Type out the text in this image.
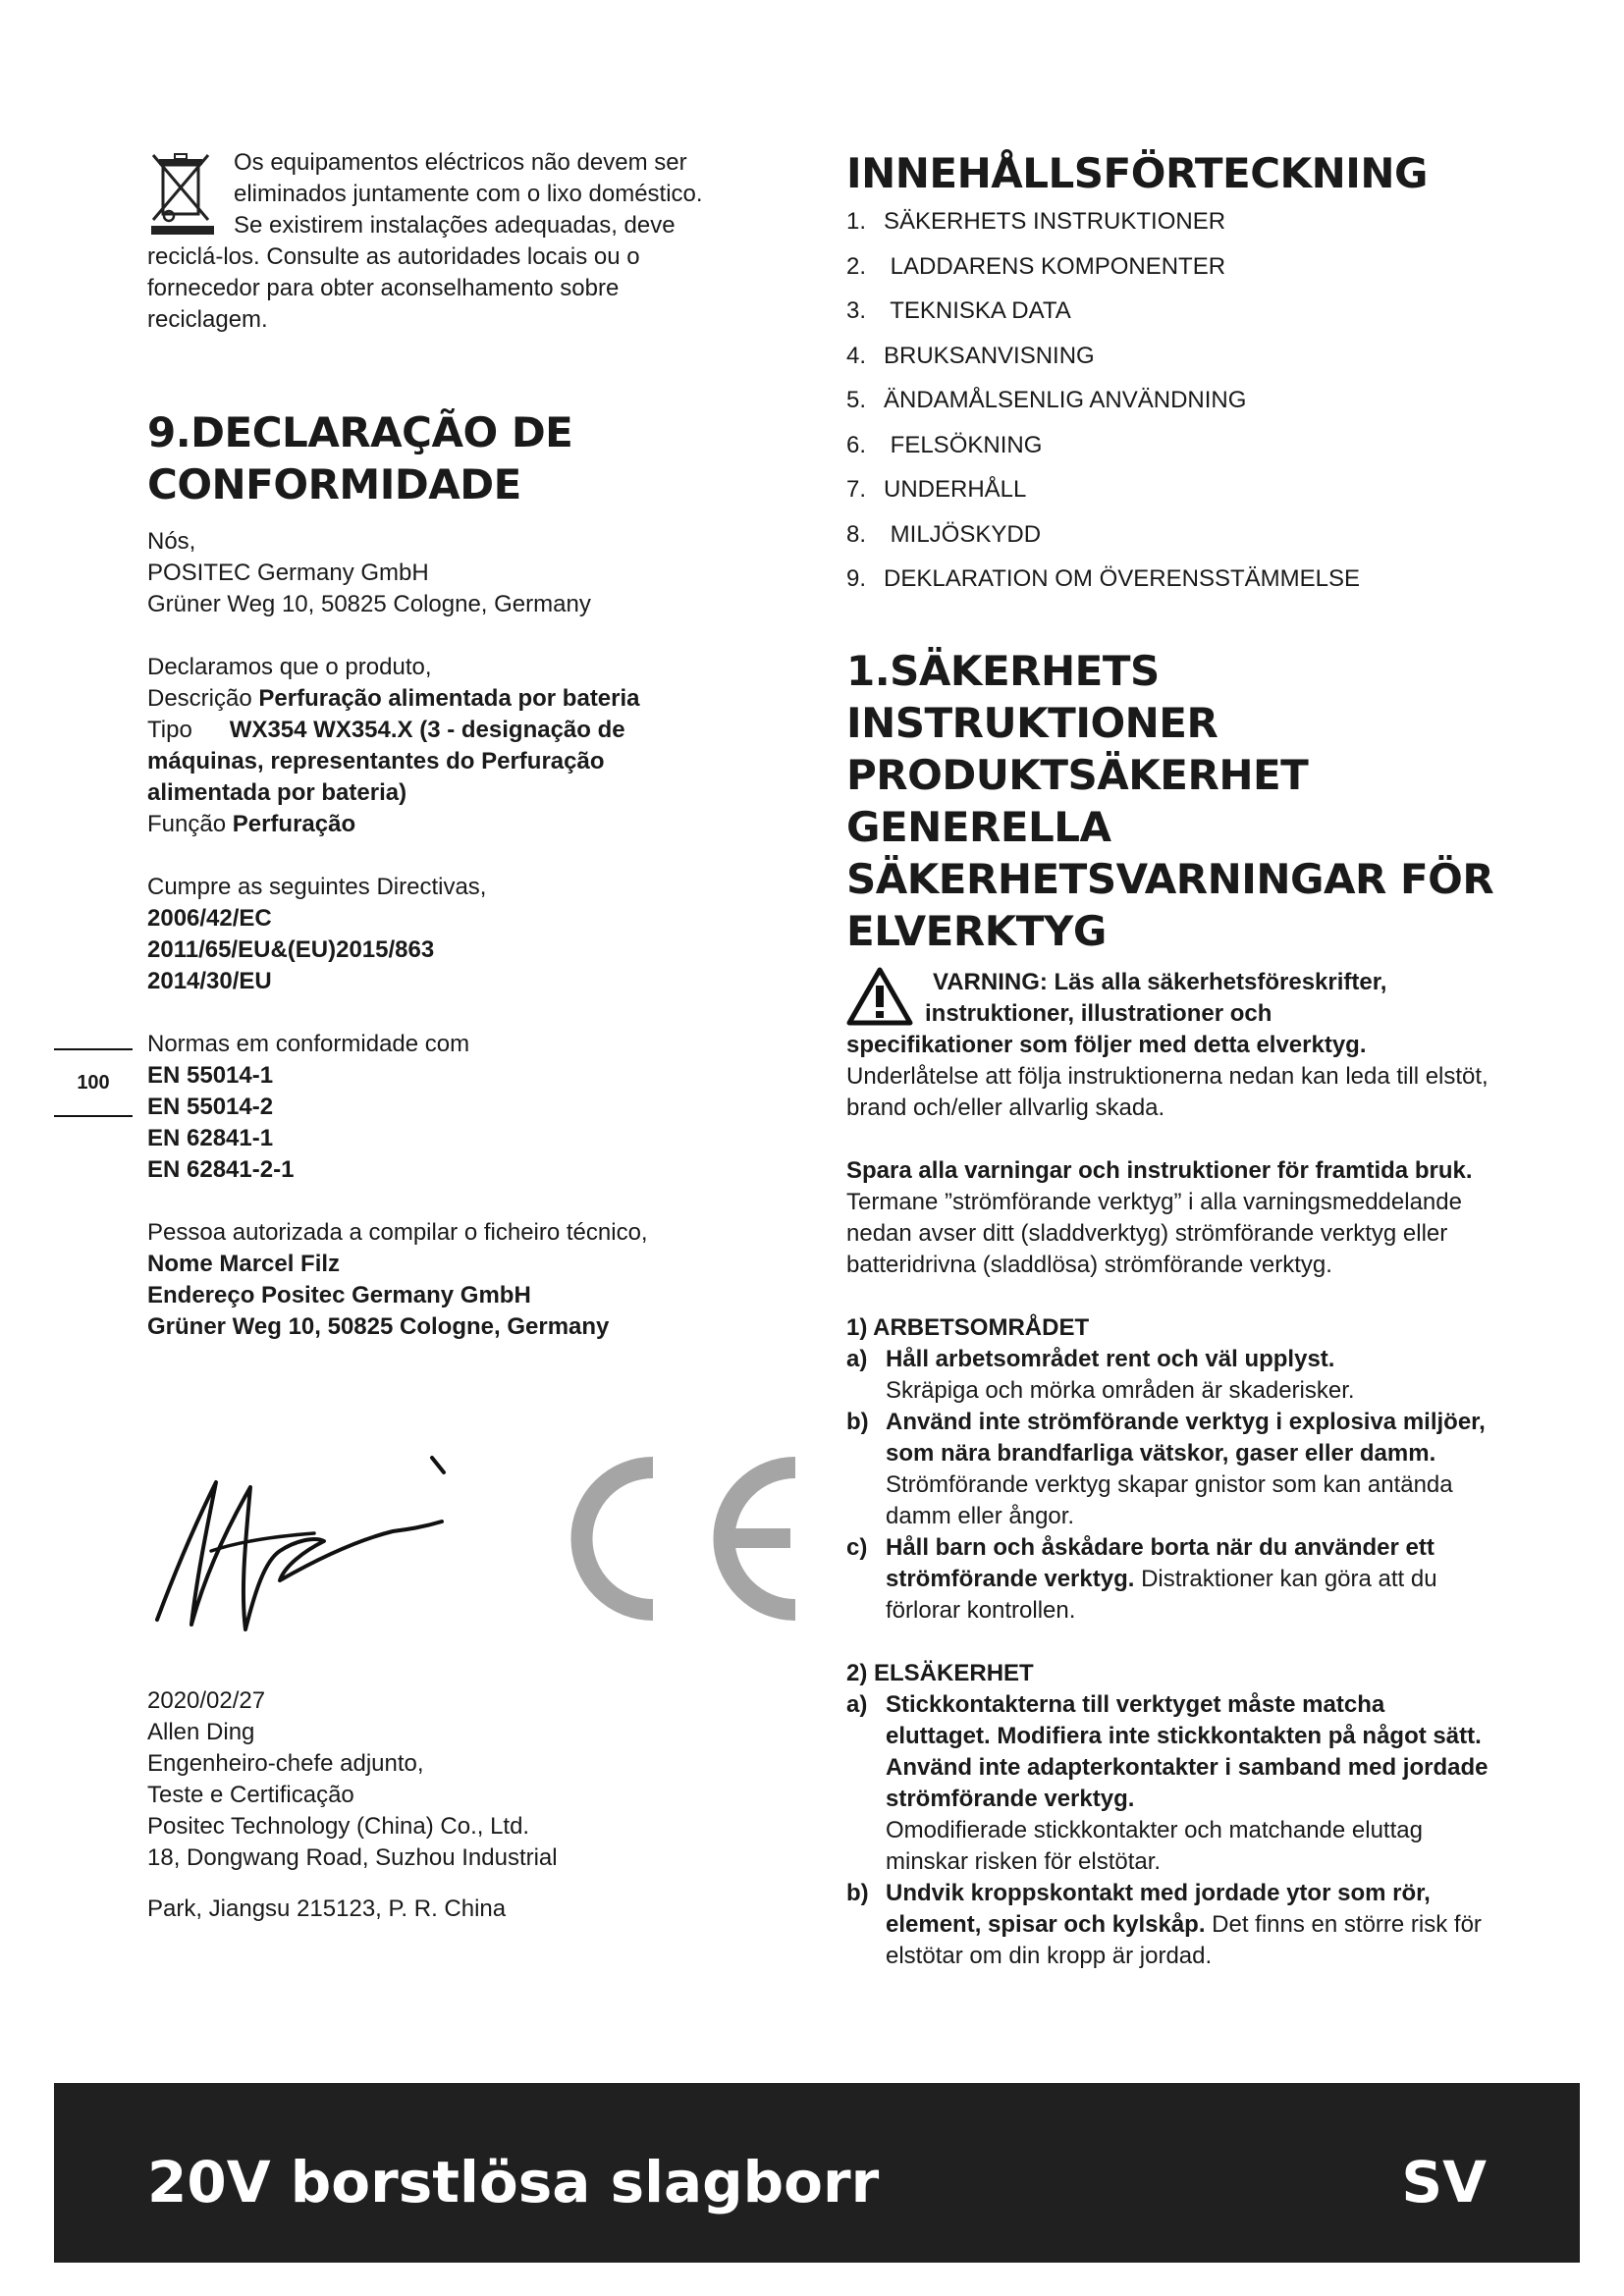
Os equipamentos eléctricos não devem ser

eliminados juntamente com o lixo doméstico.

Se existirem instalações adequadas, deve

reciclá-los. Consulte as autoridades locais ou o

fornecedor para obter aconselhamento sobre

reciclagem.

9.DECLARAÇÃO DE
CONFORMIDADE

Nós,

POSITEC Germany GmbH

Grüner Weg 10, 50825 Cologne, Germany

Declaramos que o produto,

Descrição Perfuração alimentada por bateria

Tipo WX354 WX354.X (3 - designação de

máquinas, representantes do Perfuração

alimentada por bateria)

Função Perfuração

Cumpre as seguintes Directivas,

2006/42/EC

2011/65/EU&(EU)2015/863

2014/30/EU

Normas em conformidade com

EN 55014-1

EN 55014-2

EN 62841-1

EN 62841-2-1

Pessoa autorizada a compilar o ficheiro técnico,

Nome Marcel Filz

Endereço Positec Germany GmbH

Grüner Weg 10, 50825 Cologne, Germany

2020/02/27

Allen Ding

Engenheiro-chefe adjunto,

Teste e Certificação

Positec Technology (China) Co., Ltd.

18, Dongwang Road, Suzhou Industrial

Park, Jiangsu 215123, P. R. China

100
INNEHÅLLSFÖRTECKNING
1. SÄKERHETS INSTRUKTIONER
2. LADDARENS KOMPONENTER
3. TEKNISKA DATA
4. BRUKSANVISNING
5. ÄNDAMÅLSENLIG ANVÄNDNING
6. FELSÖKNING
7. UNDERHÅLL
8. MILJÖSKYDD
9. DEKLARATION OM ÖVERENSSTÄMMELSE
1.SÄKERHETS
INSTRUKTIONER
PRODUKTSÄKERHET
GENERELLA
SÄKERHETSVARNINGAR FÖR
ELVERKTYG

VARNING: Läs alla säkerhetsföreskrifter,

instruktioner, illustrationer och

specifikationer som följer med detta elverktyg.

Underlåtelse att följa instruktionerna nedan kan leda till elstöt, brand och/eller allvarlig skada.

Spara alla varningar och instruktioner för framtida bruk.

Termane ”strömförande verktyg” i alla varningsmeddelande nedan avser ditt (sladdverktyg) strömförande verktyg eller batteridrivna (sladdlösa) strömförande verktyg.

1) ARBETSOMRÅDET

a) Håll arbetsområdet rent och väl upplyst.
Skräpiga och mörka områden är skaderisker.
b) Använd inte strömförande verktyg i explosiva miljöer, som nära brandfarliga vätskor, gaser eller damm. Strömförande verktyg skapar gnistor som kan antända damm eller ångor.
c) Håll barn och åskådare borta när du använder ett strömförande verktyg. Distraktioner kan göra att du förlorar kontrollen.

2) ELSÄKERHET

a) Stickkontakterna till verktyget måste matcha eluttaget. Modifiera inte stickkontakten på något sätt. Använd inte adapterkontakter i samband med jordade strömförande verktyg.
Omodifierade stickkontakter och matchande eluttag minskar risken för elstötar.
b) Undvik kroppskontakt med jordade ytor som rör, element, spisar och kylskåp. Det finns en större risk för elstötar om din kropp är jordad.
20V borstlösa slagborr	SV
